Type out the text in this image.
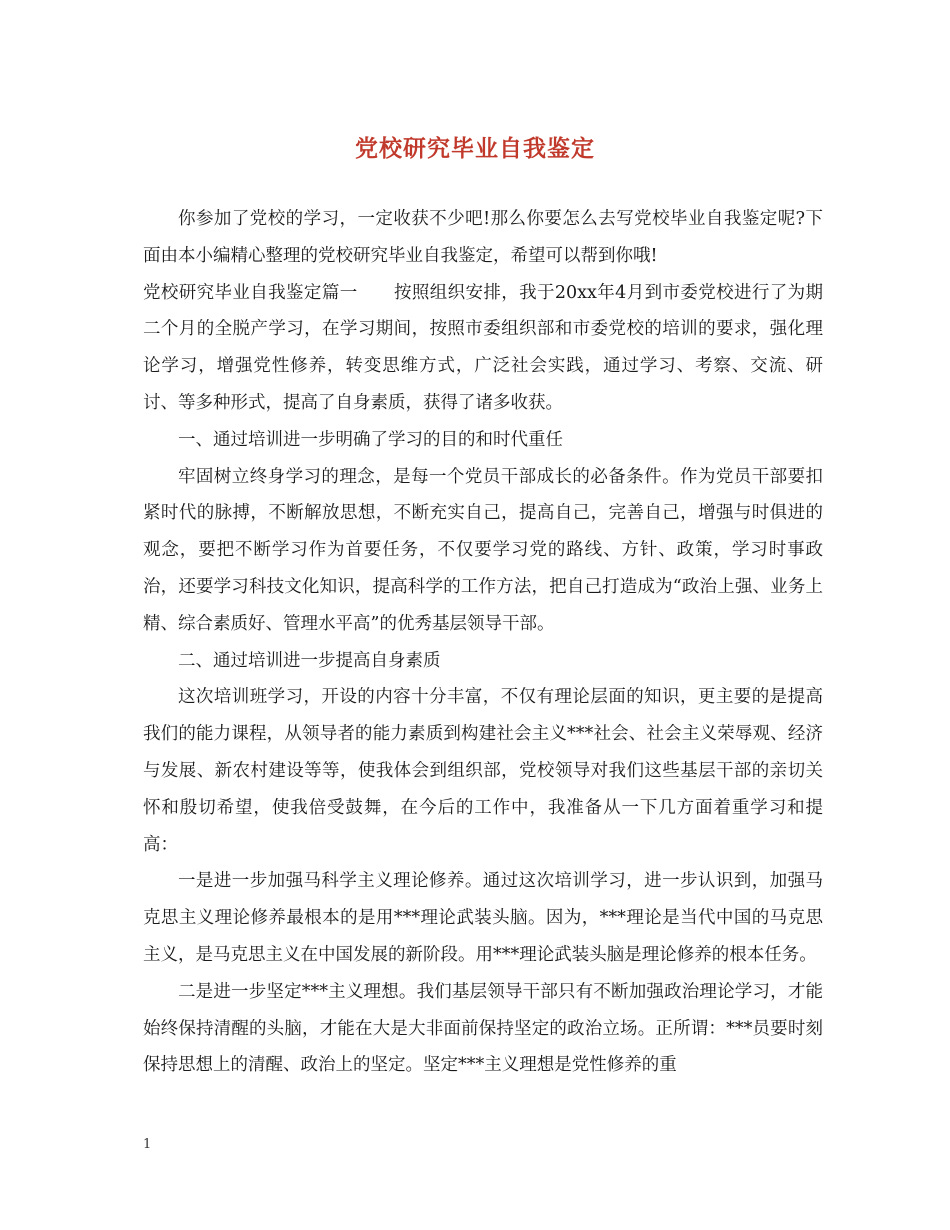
党校研究毕业自我鉴定

你参加了党校的学习，一定收获不少吧!那么你要怎么去写党校毕业自我鉴定呢?下面由本小编精心整理的党校研究毕业自我鉴定，希望可以帮到你哦!

党校研究毕业自我鉴定篇一 按照组织安排，我于20xx年4月到市委党校进行了为期二个月的全脱产学习，在学习期间，按照市委组织部和市委党校的培训的要求，强化理论学习，增强党性修养，转变思维方式，广泛社会实践，通过学习、考察、交流、研讨、等多种形式，提高了自身素质，获得了诸多收获。

一、通过培训进一步明确了学习的目的和时代重任

牢固树立终身学习的理念，是每一个党员干部成长的必备条件。作为党员干部要扣紧时代的脉搏，不断解放思想，不断充实自己，提高自己，完善自己，增强与时俱进的观念，要把不断学习作为首要任务，不仅要学习党的路线、方针、政策，学习时事政治，还要学习科技文化知识，提高科学的工作方法，把自己打造成为“政治上强、业务上精、综合素质好、管理水平高”的优秀基层领导干部。

二、通过培训进一步提高自身素质

这次培训班学习，开设的内容十分丰富，不仅有理论层面的知识，更主要的是提高我们的能力课程，从领导者的能力素质到构建社会主义***社会、社会主义荣辱观、经济与发展、新农村建设等等，使我体会到组织部，党校领导对我们这些基层干部的亲切关怀和殷切希望，使我倍受鼓舞，在今后的工作中，我准备从一下几方面着重学习和提高：

一是进一步加强马科学主义理论修养。通过这次培训学习，进一步认识到，加强马克思主义理论修养最根本的是用***理论武装头脑。因为，***理论是当代中国的马克思主义，是马克思主义在中国发展的新阶段。用***理论武装头脑是理论修养的根本任务。

二是进一步坚定***主义理想。我们基层领导干部只有不断加强政治理论学习，才能始终保持清醒的头脑，才能在大是大非面前保持坚定的政治立场。正所谓：***员要时刻保持思想上的清醒、政治上的坚定。坚定***主义理想是党性修养的重

1
